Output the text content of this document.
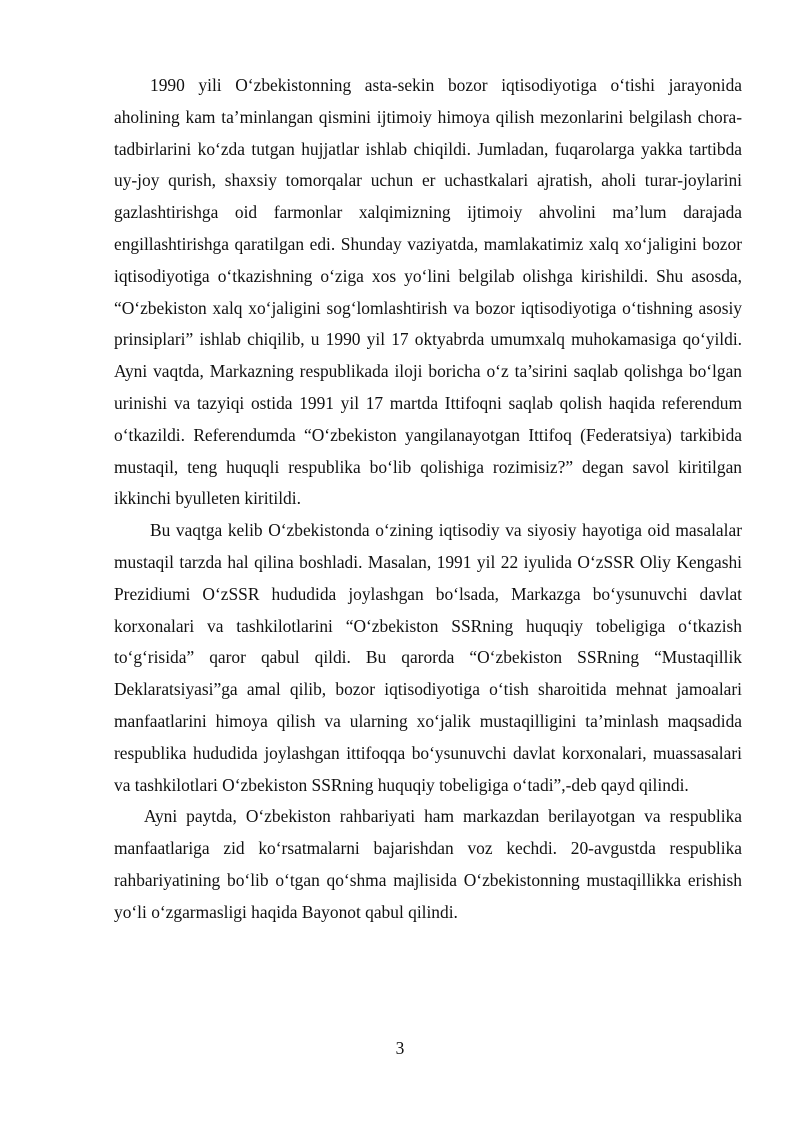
1990 yili O‘zbekistonning asta-sekin bozor iqtisodiyotiga o‘tishi jarayonida aholining kam ta’minlangan qismini ijtimoiy himoya qilish mezonlarini belgilash chora-tadbirlarini ko‘zda tutgan hujjatlar ishlab chiqildi. Jumladan, fuqarolarga yakka tartibda uy-joy qurish, shaxsiy tomorqalar uchun er uchastkalari ajratish, aholi turar-joylarini gazlashtirishga oid farmonlar xalqimizning ijtimoiy ahvolini ma’lum darajada engillashtirishga qaratilgan edi. Shunday vaziyatda, mamlakatimiz xalq xo‘jaligini bozor iqtisodiyotiga o‘tkazishning o‘ziga xos yo‘lini belgilab olishga kirishildi. Shu asosda, “O‘zbekiston xalq xo‘jaligini sog‘lomlashtirish va bozor iqtisodiyotiga o‘tishning asosiy prinsiplari” ishlab chiqilib, u 1990 yil 17 oktyabrda umumxalq muhokamasiga qo‘yildi. Ayni vaqtda, Markazning respublikada iloji boricha o‘z ta’sirini saqlab qolishga bo‘lgan urinishi va tazyiqi ostida 1991 yil 17 martda Ittifoqni saqlab qolish haqida referendum o‘tkazildi. Referendumda “O‘zbekiston yangilanayotgan Ittifoq (Federatsiya) tarkibida mustaqil, teng huquqli respublika bo‘lib qolishiga rozimisiz?” degan savol kiritilgan ikkinchi byulleten kiritildi.

Bu vaqtga kelib O‘zbekistonda o‘zining iqtisodiy va siyosiy hayotiga oid masalalar mustaqil tarzda hal qilina boshladi. Masalan, 1991 yil 22 iyulida O‘zSSR Oliy Kengashi Prezidiumi O‘zSSR hududida joylashgan bo‘lsada, Markazga bo‘ysunuvchi davlat korxonalari va tashkilotlarini “O‘zbekiston SSRning huquqiy tobeligiga o‘tkazish to‘g‘risida” qaror qabul qildi. Bu qarorda “O‘zbekiston SSRning “Mustaqillik Deklaratsiyasi”ga amal qilib, bozor iqtisodiyotiga o‘tish sharoitida mehnat jamoalari manfaatlarini himoya qilish va ularning xo‘jalik mustaqilligini ta’minlash maqsadida respublika hududida joylashgan ittifoqqa bo‘ysunuvchi davlat korxonalari, muassasalari va tashkilotlari O‘zbekiston SSRning huquqiy tobeligiga o‘tadi”,-deb qayd qilindi.

Ayni paytda, O‘zbekiston rahbariyati ham markazdan berilayotgan va respublika manfaatlariga zid ko‘rsatmalarni bajarishdan voz kechdi. 20-avgustda respublika rahbariyatining bo‘lib o‘tgan qo‘shma majlisida O‘zbekistonning mustaqillikka erishish yo‘li o‘zgarmasligi haqida Bayonot qabul qilindi.

3
